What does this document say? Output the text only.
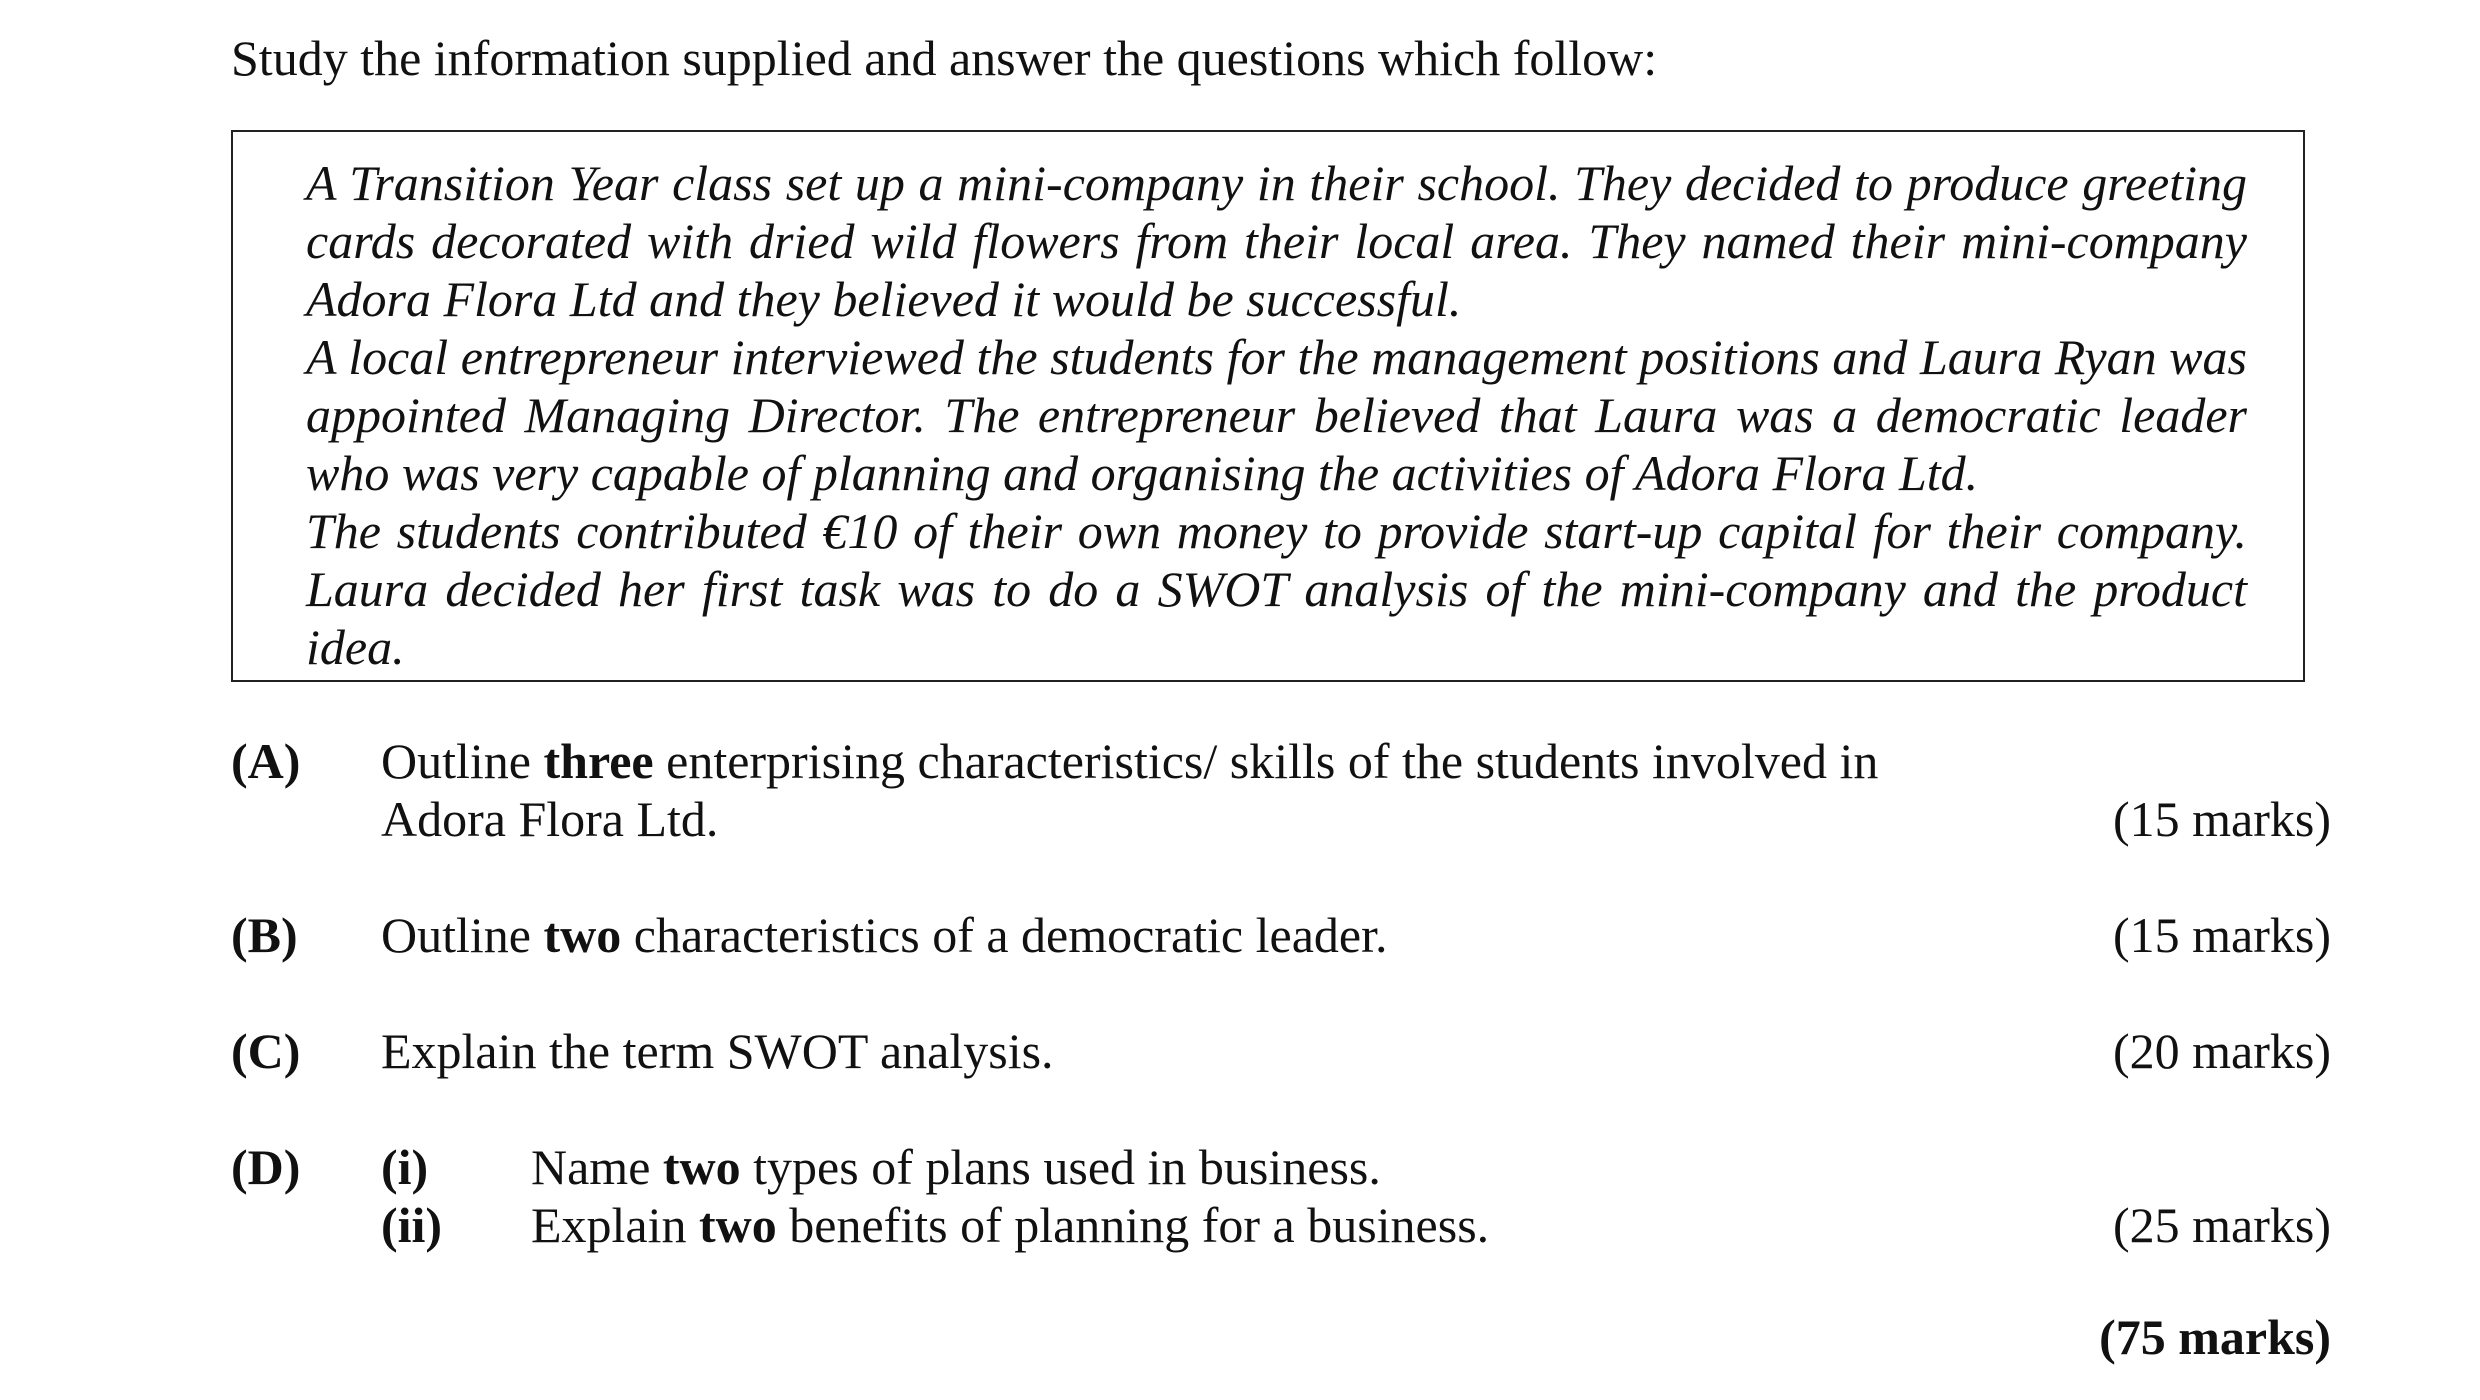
Study the information supplied and answer the questions which follow:

A Transition Year class set up a mini-company in their school. They decided to produce greeting cards decorated with dried wild flowers from their local area. They named their mini-company Adora Flora Ltd and they believed it would be successful.

A local entrepreneur interviewed the students for the management positions and Laura Ryan was appointed Managing Director. The entrepreneur believed that Laura was a democratic leader who was very capable of planning and organising the activities of Adora Flora Ltd.

The students contributed €10 of their own money to provide start-up capital for their company. Laura decided her first task was to do a SWOT analysis of the mini-company and the product idea.

(A) Outline three enterprising characteristics/ skills of the students involved in
Adora Flora Ltd.	(15 marks)
(B) Outline two characteristics of a democratic leader.	(15 marks)
(C) Explain the term SWOT analysis.	(20 marks)
(D) (i) Name two types of plans used in business.
(ii) Explain two benefits of planning for a business.	(25 marks)
(75 marks)
